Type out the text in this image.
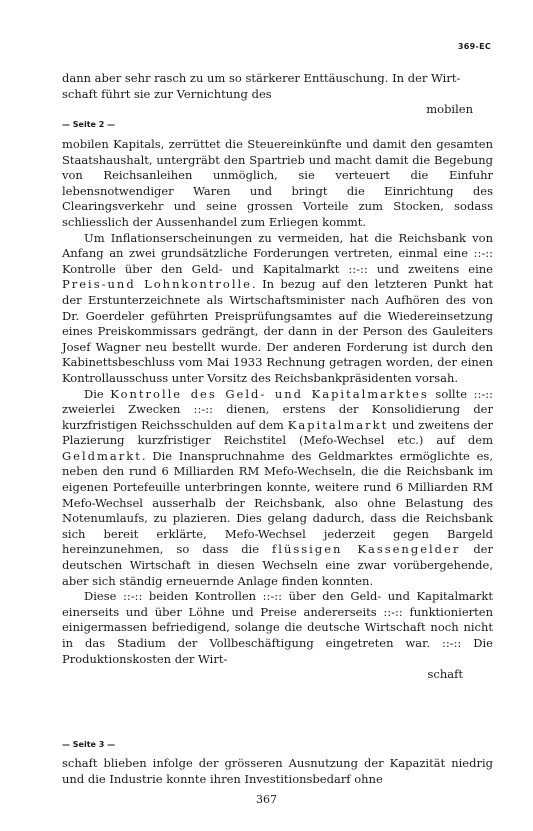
369-EC

dann aber sehr rasch zu um so stärkerer Enttäuschung. In der Wirt-

schaft führt sie zur Vernichtung des

mobilen
— Seite 2 —

mobilen Kapitals, zerrüttet die Steuereinkünfte und damit den gesamten Staatshaushalt, untergräbt den Spartrieb und macht damit die Begebung von Reichsanleihen unmöglich, sie verteuert die Einfuhr lebensnotwendiger Waren und bringt die Einrichtung des Clearingsverkehr und seine grossen Vorteile zum Stocken, sodass schliesslich der Aussenhandel zum Erliegen kommt.

Um Inflationserscheinungen zu vermeiden, hat die Reichsbank von Anfang an zwei grundsätzliche Forderungen vertreten, einmal eine ::-:: Kontrolle über den Geld- und Kapitalmarkt ::-:: und zweitens eine Preis-und Lohnkontrolle. In bezug auf den letzteren Punkt hat der Erstunterzeichnete als Wirtschaftsminister nach Aufhören des von Dr. Goerdeler geführten Preisprüfungsamtes auf die Wiedereinsetzung eines Preiskommissars gedrängt, der dann in der Person des Gauleiters Josef Wagner neu bestellt wurde. Der anderen Forderung ist durch den Kabinettsbeschluss vom Mai 1933 Rechnung getragen worden, der einen Kontrollausschuss unter Vorsitz des Reichsbankpräsidenten vorsah.

Die Kontrolle des Geld- und Kapitalmarktes sollte ::-:: zweierlei Zwecken ::-:: dienen, erstens der Konsolidierung der kurzfristigen Reichsschulden auf dem Kapitalmarkt und zweitens der Plazierung kurzfristiger Reichstitel (Mefo-Wechsel etc.) auf dem Geldmarkt. Die Inanspruchnahme des Geldmarktes ermöglichte es, neben den rund 6 Milliarden RM Mefo-Wechseln, die die Reichsbank im eigenen Portefeuille unterbringen konnte, weitere rund 6 Milliarden RM Mefo-Wechsel ausserhalb der Reichsbank, also ohne Belastung des Notenumlaufs, zu plazieren. Dies gelang dadurch, dass die Reichsbank sich bereit erklärte, Mefo-Wechsel jederzeit gegen Bargeld hereinzunehmen, so dass die flüssigen Kassengelder der deutschen Wirtschaft in diesen Wechseln eine zwar vorübergehende, aber sich ständig erneuernde Anlage finden konnten.

Diese ::-:: beiden Kontrollen ::-:: über den Geld- und Kapitalmarkt einerseits und über Löhne und Preise andererseits ::-:: funktionierten einigermassen befriedigend, solange die deutsche Wirtschaft noch nicht in das Stadium der Vollbeschäftigung eingetreten war. ::-:: Die Produktionskosten der Wirt-

schaft
— Seite 3 —

schaft blieben infolge der grösseren Ausnutzung der Kapazität niedrig und die Industrie konnte ihren Investitionsbedarf ohne

367
